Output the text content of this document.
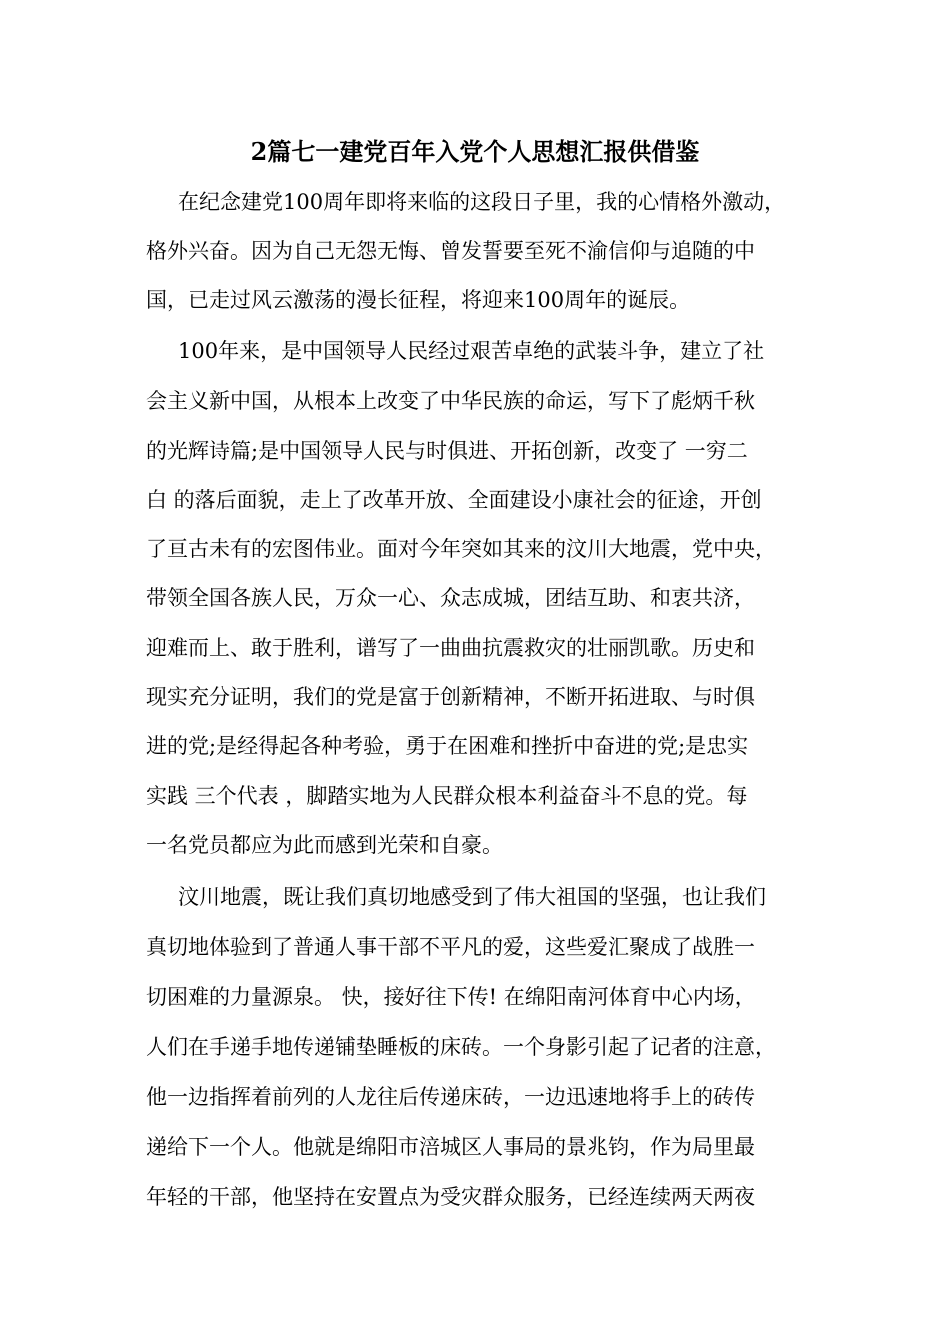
2篇七一建党百年入党个人思想汇报供借鉴

在纪念建党100周年即将来临的这段日子里，我的心情格外激动，

格外兴奋。因为自己无怨无悔、曾发誓要至死不渝信仰与追随的中

国，已走过风云激荡的漫长征程，将迎来100周年的诞辰。

100年来，是中国领导人民经过艰苦卓绝的武装斗争，建立了社

会主义新中国，从根本上改变了中华民族的命运，写下了彪炳千秋

的光辉诗篇;是中国领导人民与时俱进、开拓创新，改变了 一穷二

白 的落后面貌，走上了改革开放、全面建设小康社会的征途，开创

了亘古未有的宏图伟业。面对今年突如其来的汶川大地震，党中央，

带领全国各族人民，万众一心、众志成城，团结互助、和衷共济，

迎难而上、敢于胜利，谱写了一曲曲抗震救灾的壮丽凯歌。历史和

现实充分证明，我们的党是富于创新精神，不断开拓进取、与时俱

进的党;是经得起各种考验，勇于在困难和挫折中奋进的党;是忠实

实践 三个代表 ，脚踏实地为人民群众根本利益奋斗不息的党。每

一名党员都应为此而感到光荣和自豪。

汶川地震，既让我们真切地感受到了伟大祖国的坚强，也让我们

真切地体验到了普通人事干部不平凡的爱，这些爱汇聚成了战胜一

切困难的力量源泉。 快，接好往下传! 在绵阳南河体育中心内场，

人们在手递手地传递铺垫睡板的床砖。一个身影引起了记者的注意，

他一边指挥着前列的人龙往后传递床砖，一边迅速地将手上的砖传

递给下一个人。他就是绵阳市涪城区人事局的景兆钧，作为局里最

年轻的干部，他坚持在安置点为受灾群众服务，已经连续两天两夜
